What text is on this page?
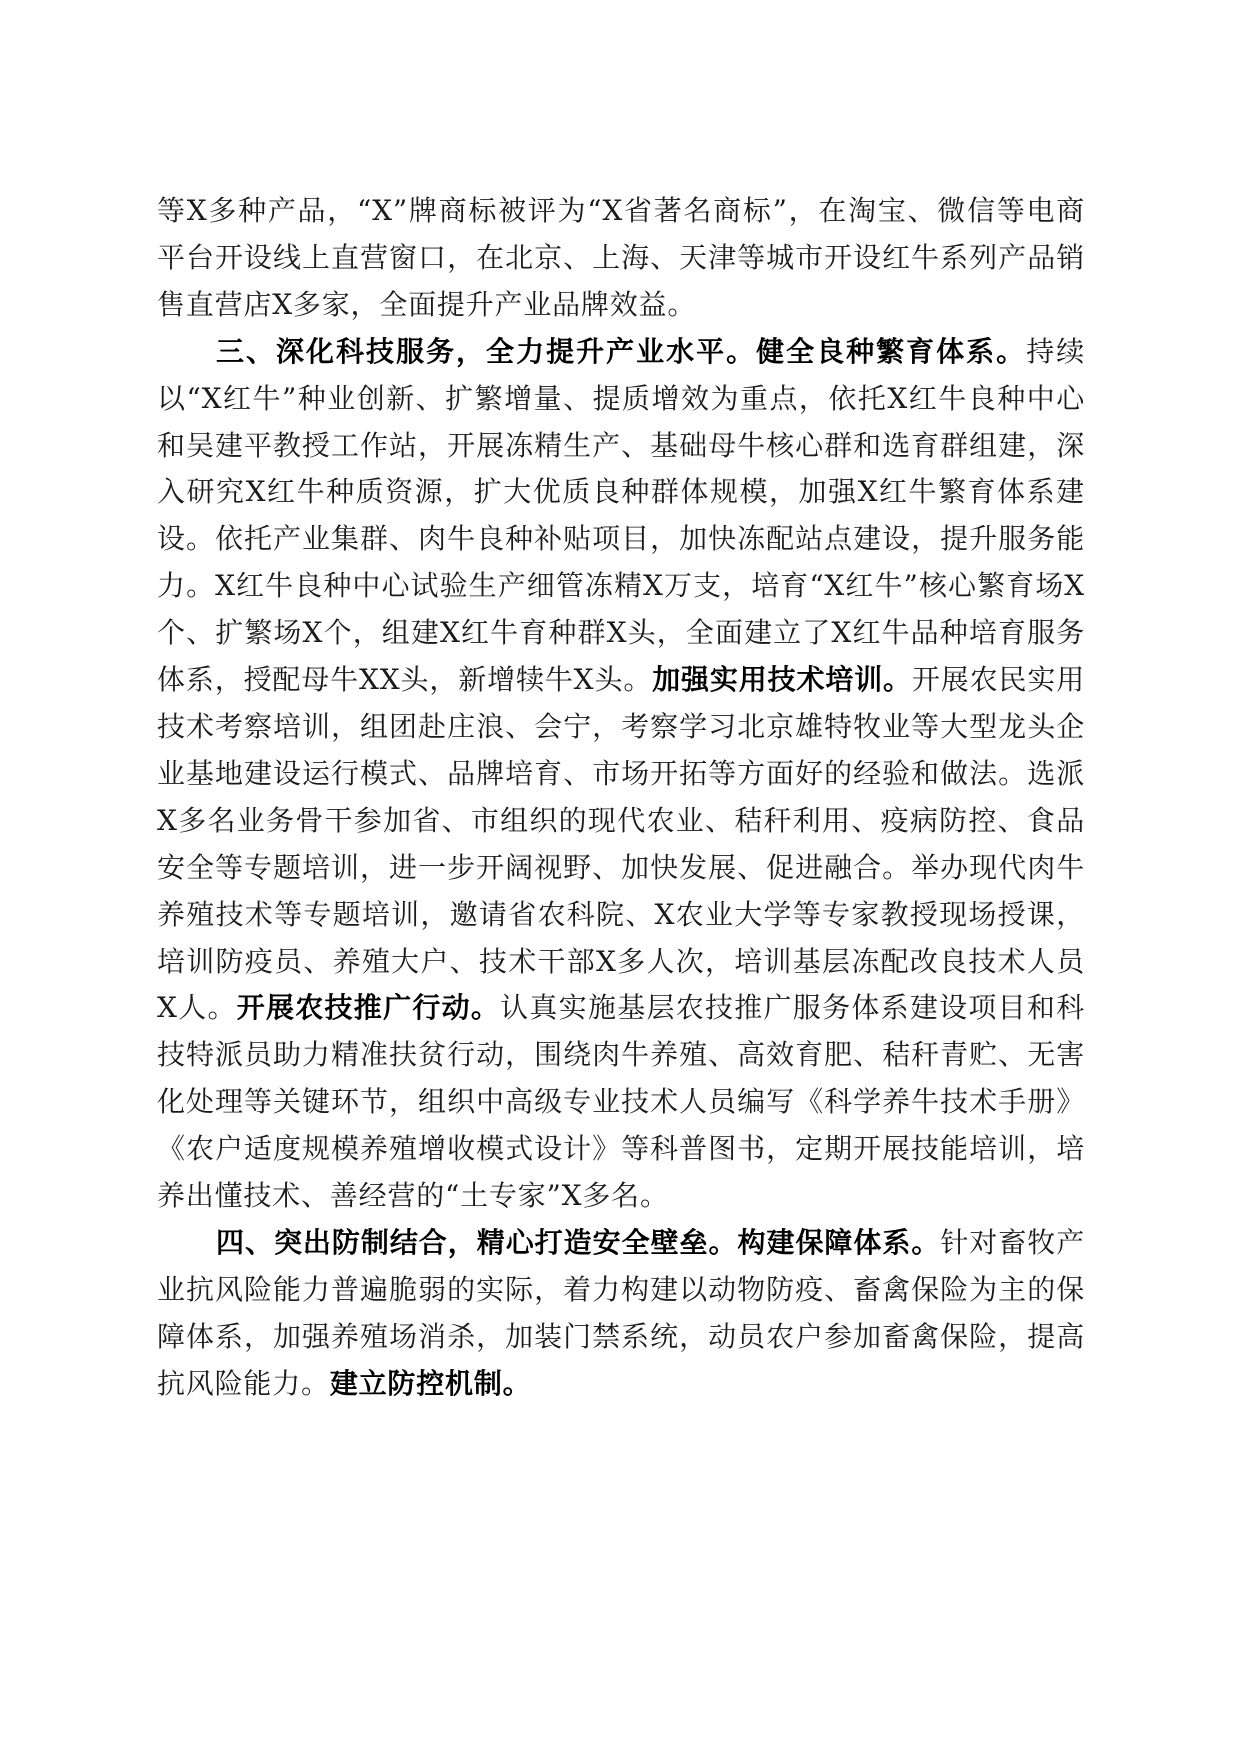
等X多种产品，“X”牌商标被评为“X省著名商标”，在淘宝、微信等电商平台开设线上直营窗口，在北京、上海、天津等城市开设红牛系列产品销售直营店X多家，全面提升产业品牌效益。

三、深化科技服务，全力提升产业水平。健全良种繁育体系。持续以“X红牛”种业创新、扩繁增量、提质增效为重点，依托X红牛良种中心和吴建平教授工作站，开展冻精生产、基础母牛核心群和选育群组建，深入研究X红牛种质资源，扩大优质良种群体规模，加强X红牛繁育体系建设。依托产业集群、肉牛良种补贴项目，加快冻配站点建设，提升服务能力。X红牛良种中心试验生产细管冻精X万支，培育“X红牛”核心繁育场X个、扩繁场X个，组建X红牛育种群X头，全面建立了X红牛品种培育服务体系，授配母牛XX头，新增犊牛X头。加强实用技术培训。开展农民实用技术考察培训，组团赴庄浪、会宁，考察学习北京雄特牧业等大型龙头企业基地建设运行模式、品牌培育、市场开拓等方面好的经验和做法。选派X多名业务骨干参加省、市组织的现代农业、秸秆利用、疫病防控、食品安全等专题培训，进一步开阔视野、加快发展、促进融合。举办现代肉牛养殖技术等专题培训，邀请省农科院、X农业大学等专家教授现场授课，培训防疫员、养殖大户、技术干部X多人次，培训基层冻配改良技术人员X人。开展农技推广行动。认真实施基层农技推广服务体系建设项目和科技特派员助力精准扶贫行动，围绕肉牛养殖、高效育肥、秸秆青贮、无害化处理等关键环节，组织中高级专业技术人员编写《科学养牛技术手册》《农户适度规模养殖增收模式设计》等科普图书，定期开展技能培训，培养出懂技术、善经营的“土专家”X多名。

四、突出防制结合，精心打造安全壁垒。构建保障体系。针对畜牧产业抗风险能力普遍脆弱的实际，着力构建以动物防疫、畜禽保险为主的保障体系，加强养殖场消杀，加装门禁系统，动员农户参加畜禽保险，提高抗风险能力。建立防控机制。
